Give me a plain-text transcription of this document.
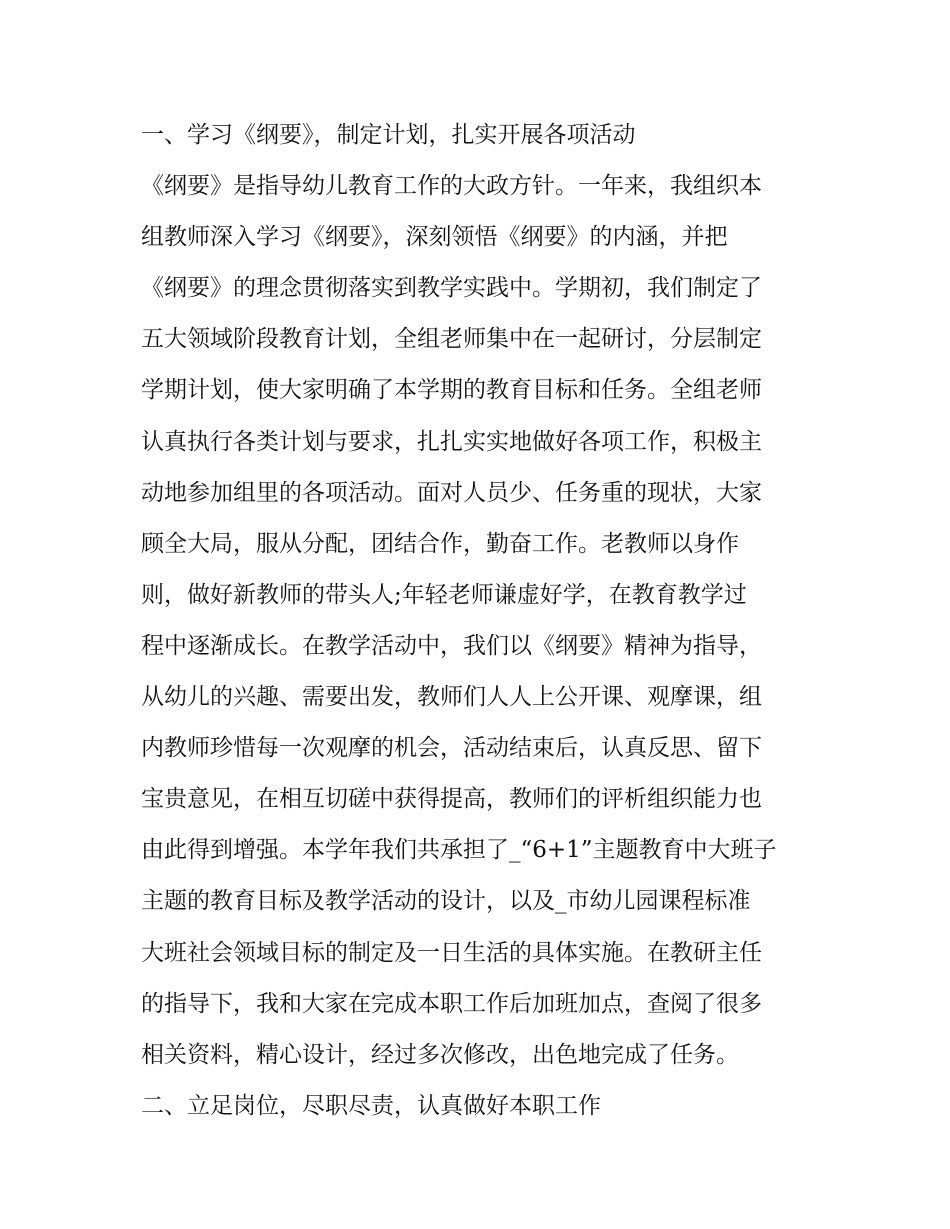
一、学习《纲要》，制定计划，扎实开展各项活动
《纲要》是指导幼儿教育工作的大政方针。一年来，我组织本
组教师深入学习《纲要》，深刻领悟《纲要》的内涵，并把
《纲要》的理念贯彻落实到教学实践中。学期初，我们制定了
五大领域阶段教育计划，全组老师集中在一起研讨，分层制定
学期计划，使大家明确了本学期的教育目标和任务。全组老师
认真执行各类计划与要求，扎扎实实地做好各项工作，积极主
动地参加组里的各项活动。面对人员少、任务重的现状，大家
顾全大局，服从分配，团结合作，勤奋工作。老教师以身作
则，做好新教师的带头人;年轻老师谦虚好学，在教育教学过
程中逐渐成长。在教学活动中，我们以《纲要》精神为指导，
从幼儿的兴趣、需要出发，教师们人人上公开课、观摩课，组
内教师珍惜每一次观摩的机会，活动结束后，认真反思、留下
宝贵意见，在相互切磋中获得提高，教师们的评析组织能力也
由此得到增强。本学年我们共承担了_“6+1”主题教育中大班子
主题的教育目标及教学活动的设计，以及_市幼儿园课程标准
大班社会领域目标的制定及一日生活的具体实施。在教研主任
的指导下，我和大家在完成本职工作后加班加点，查阅了很多
相关资料，精心设计，经过多次修改，出色地完成了任务。
二、立足岗位，尽职尽责，认真做好本职工作
